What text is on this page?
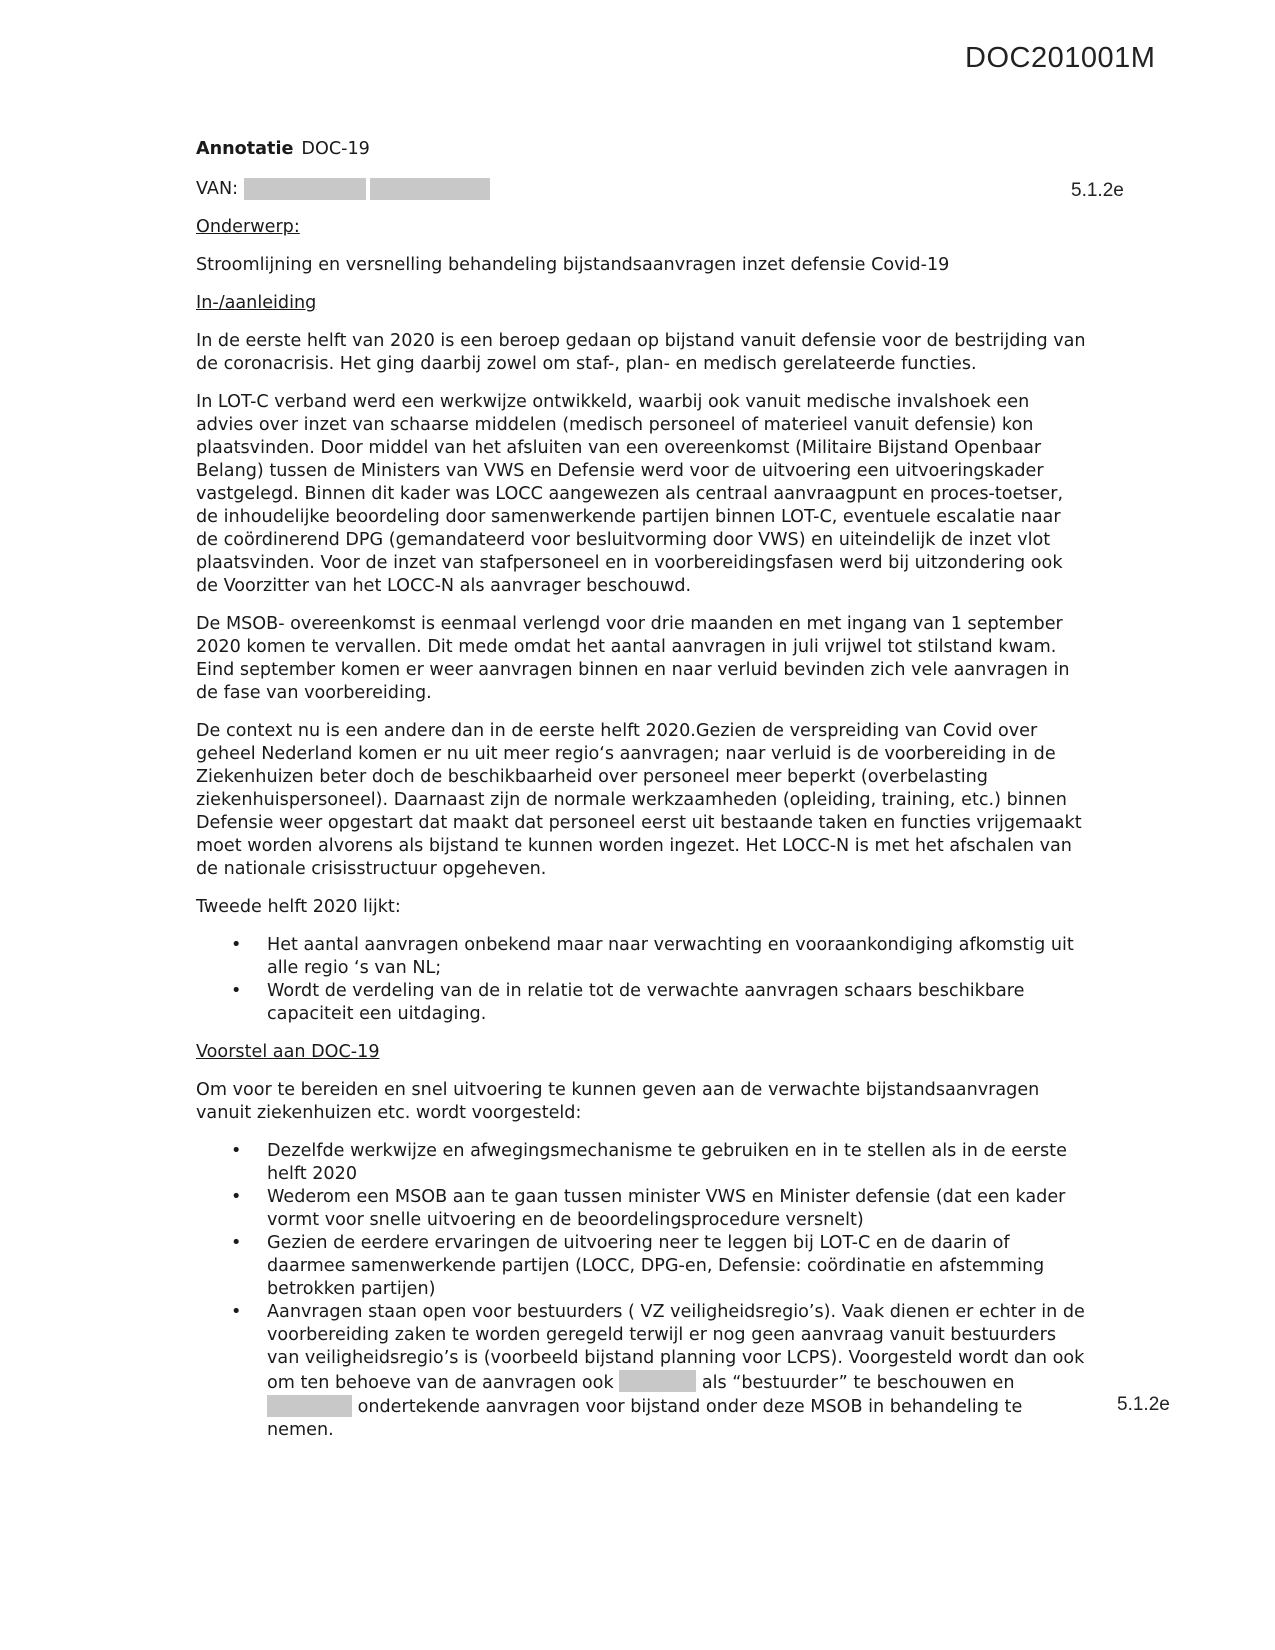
DOC201001M
5.1.2e
5.1.2e
Annotatie DOC-19
VAN:

Onderwerp:

Stroomlijning en versnelling behandeling bijstandsaanvragen inzet defensie Covid-19

In-/aanleiding

In de eerste helft van 2020 is een beroep gedaan op bijstand vanuit defensie voor de bestrijding van de coronacrisis. Het ging daarbij zowel om staf-, plan- en medisch gerelateerde functies.

In LOT-C verband werd een werkwijze ontwikkeld, waarbij ook vanuit medische invalshoek een advies over inzet van schaarse middelen (medisch personeel of materieel vanuit defensie) kon plaatsvinden. Door middel van het afsluiten van een overeenkomst (Militaire Bijstand Openbaar Belang) tussen de Ministers van VWS en Defensie werd voor de uitvoering een uitvoeringskader vastgelegd. Binnen dit kader was LOCC aangewezen als centraal aanvraagpunt en proces-toetser, de inhoudelijke beoordeling door samenwerkende partijen binnen LOT-C, eventuele escalatie naar de coördinerend DPG (gemandateerd voor besluitvorming door VWS) en uiteindelijk de inzet vlot plaatsvinden. Voor de inzet van stafpersoneel en in voorbereidingsfasen werd bij uitzondering ook de Voorzitter van het LOCC-N als aanvrager beschouwd.

De MSOB- overeenkomst is eenmaal verlengd voor drie maanden en met ingang van 1 september 2020 komen te vervallen. Dit mede omdat het aantal aanvragen in juli vrijwel tot stilstand kwam. Eind september komen er weer aanvragen binnen en naar verluid bevinden zich vele aanvragen in de fase van voorbereiding.

De context nu is een andere dan in de eerste helft 2020.Gezien de verspreiding van Covid over geheel Nederland komen er nu uit meer regio‘s aanvragen; naar verluid is de voorbereiding in de Ziekenhuizen beter doch de beschikbaarheid over personeel meer beperkt (overbelasting ziekenhuispersoneel). Daarnaast zijn de normale werkzaamheden (opleiding, training, etc.) binnen Defensie weer opgestart dat maakt dat personeel eerst uit bestaande taken en functies vrijgemaakt moet worden alvorens als bijstand te kunnen worden ingezet. Het LOCC-N is met het afschalen van de nationale crisisstructuur opgeheven.

Tweede helft 2020 lijkt:

• Het aantal aanvragen onbekend maar naar verwachting en vooraankondiging afkomstig uit alle regio ‘s van NL;
• Wordt de verdeling van de in relatie tot de verwachte aanvragen schaars beschikbare capaciteit een uitdaging.

Voorstel aan DOC-19

Om voor te bereiden en snel uitvoering te kunnen geven aan de verwachte bijstandsaanvragen vanuit ziekenhuizen etc. wordt voorgesteld:

• Dezelfde werkwijze en afwegingsmechanisme te gebruiken en in te stellen als in de eerste helft 2020
• Wederom een MSOB aan te gaan tussen minister VWS en Minister defensie (dat een kader vormt voor snelle uitvoering en de beoordelingsprocedure versnelt)
• Gezien de eerdere ervaringen de uitvoering neer te leggen bij LOT-C en de daarin of daarmee samenwerkende partijen (LOCC, DPG-en, Defensie: coördinatie en afstemming betrokken partijen)
• Aanvragen staan open voor bestuurders ( VZ veiligheidsregio’s). Vaak dienen er echter in de voorbereiding zaken te worden geregeld terwijl er nog geen aanvraag vanuit bestuurders van veiligheidsregio’s is (voorbeeld bijstand planning voor LCPS). Voorgesteld wordt dan ook om ten behoeve van de aanvragen ook	als “bestuurder” te beschouwen en  ondertekende aanvragen voor bijstand onder deze MSOB in behandeling te nemen.
